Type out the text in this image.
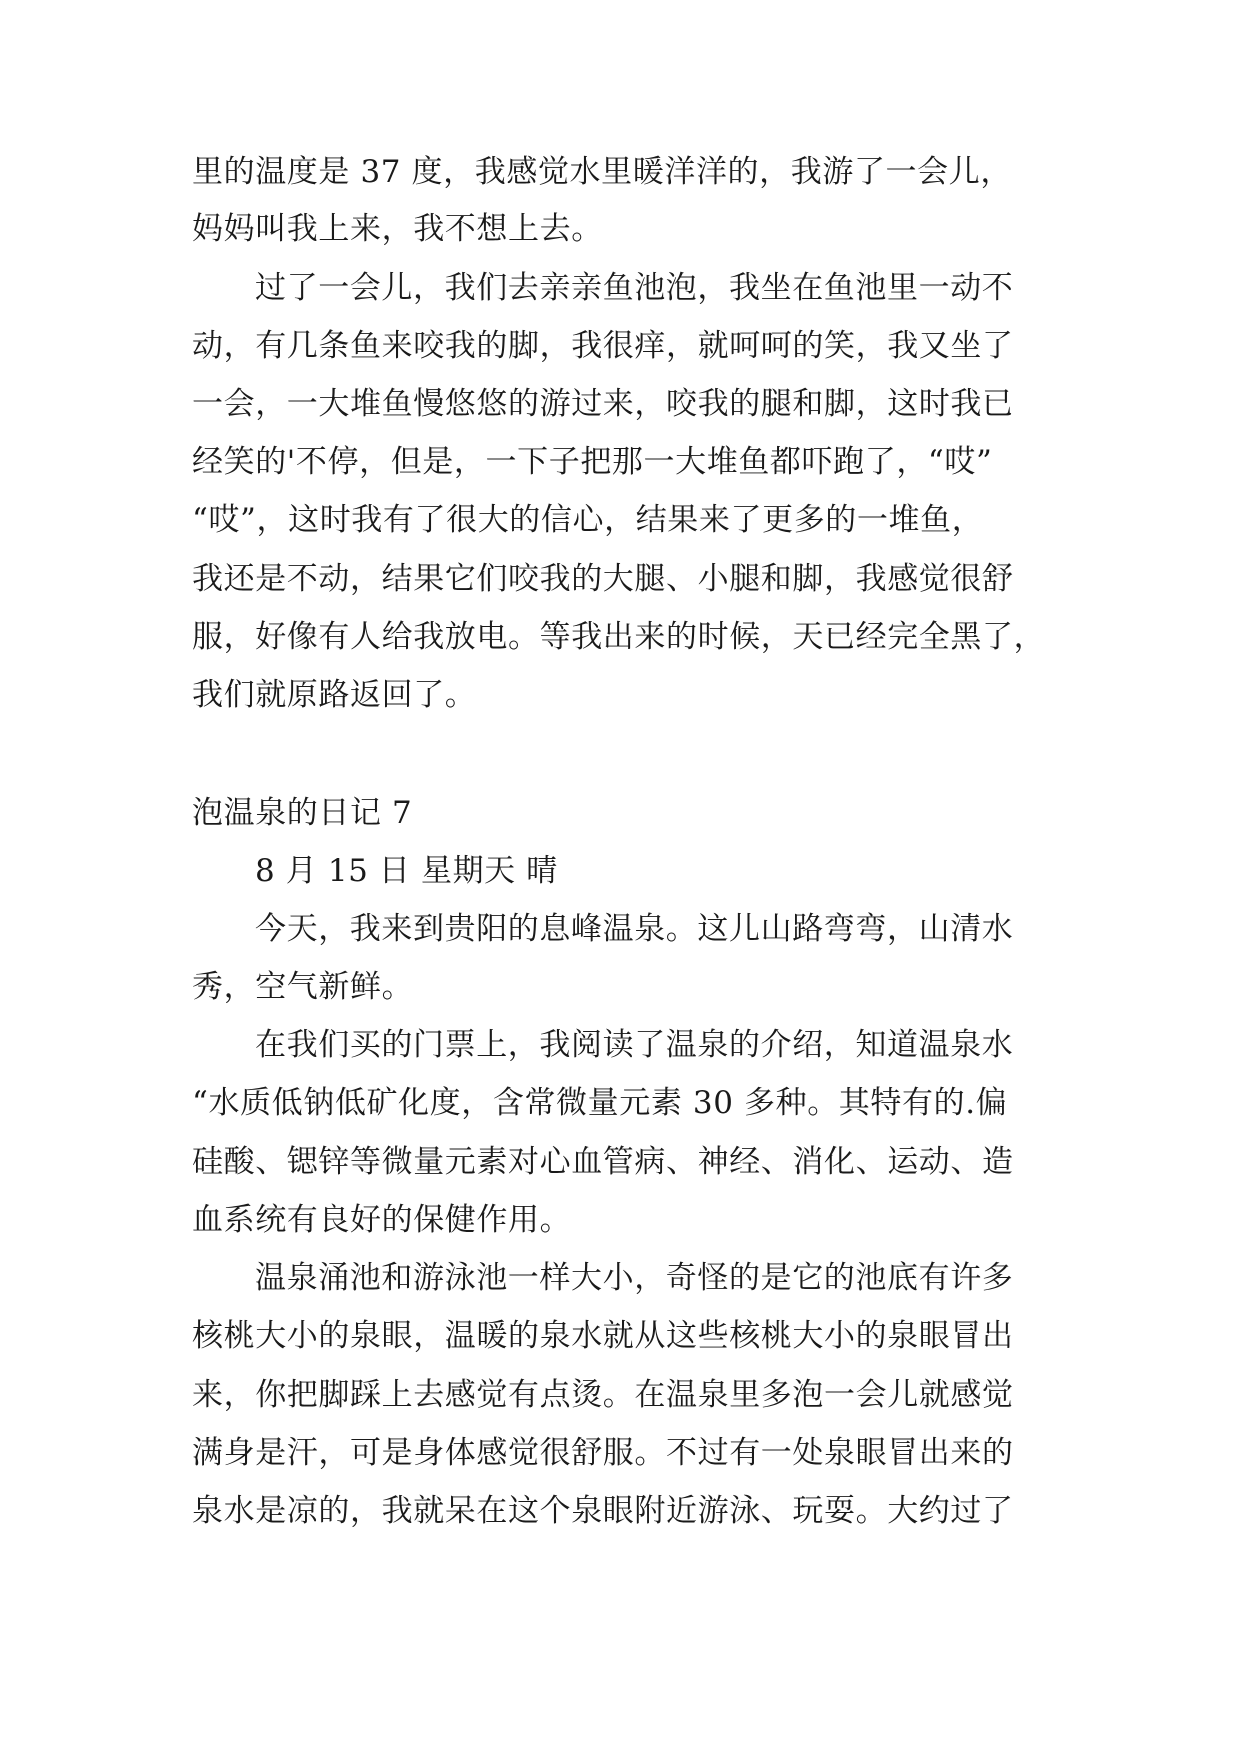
里的温度是 37 度，我感觉水里暖洋洋的，我游了一会儿，
妈妈叫我上来，我不想上去。
过了一会儿，我们去亲亲鱼池泡，我坐在鱼池里一动不
动，有几条鱼来咬我的脚，我很痒，就呵呵的笑，我又坐了
一会，一大堆鱼慢悠悠的游过来，咬我的腿和脚，这时我已
经笑的'不停，但是，一下子把那一大堆鱼都吓跑了，“哎”
“哎”，这时我有了很大的信心，结果来了更多的一堆鱼，
我还是不动，结果它们咬我的大腿、小腿和脚，我感觉很舒
服，好像有人给我放电。等我出来的时候，天已经完全黑了，
我们就原路返回了。
泡温泉的日记 7
8 月 15 日 星期天 晴
今天，我来到贵阳的息峰温泉。这儿山路弯弯，山清水
秀，空气新鲜。
在我们买的门票上，我阅读了温泉的介绍，知道温泉水
“水质低钠低矿化度，含常微量元素 30 多种。其特有的.偏
硅酸、锶锌等微量元素对心血管病、神经、消化、运动、造
血系统有良好的保健作用。
温泉涌池和游泳池一样大小，奇怪的是它的池底有许多
核桃大小的泉眼，温暖的泉水就从这些核桃大小的泉眼冒出
来，你把脚踩上去感觉有点烫。在温泉里多泡一会儿就感觉
满身是汗，可是身体感觉很舒服。不过有一处泉眼冒出来的
泉水是凉的，我就呆在这个泉眼附近游泳、玩耍。大约过了
